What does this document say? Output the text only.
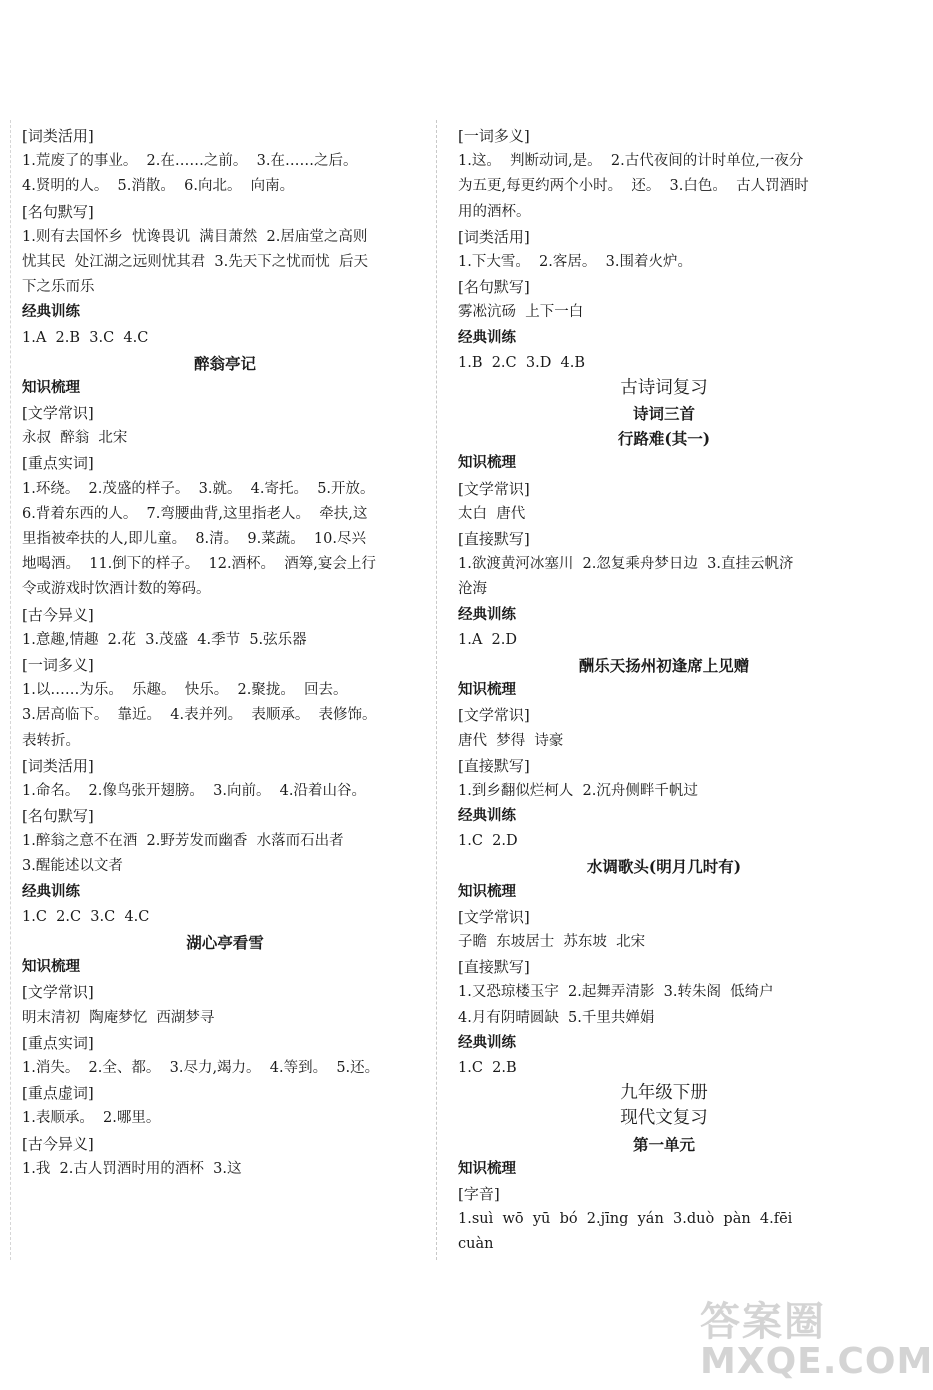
[词类活用]
1.荒废了的事业。  2.在……之前。  3.在……之后。
4.贤明的人。  5.消散。  6.向北。  向南。
[名句默写]
1.则有去国怀乡  忧谗畏讥  满目萧然  2.居庙堂之高则
忧其民  处江湖之远则忧其君  3.先天下之忧而忧  后天
下之乐而乐
经典训练
1.A  2.B  3.C  4.C
醉翁亭记
知识梳理
[文学常识]
永叔  醉翁  北宋
[重点实词]
1.环绕。  2.茂盛的样子。  3.就。  4.寄托。  5.开放。
6.背着东西的人。  7.弯腰曲背,这里指老人。  牵扶,这
里指被牵扶的人,即儿童。  8.清。  9.菜蔬。  10.尽兴
地喝酒。  11.倒下的样子。  12.酒杯。  酒筹,宴会上行
令或游戏时饮酒计数的筹码。
[古今异义]
1.意趣,情趣  2.花  3.茂盛  4.季节  5.弦乐器
[一词多义]
1.以……为乐。  乐趣。  快乐。  2.聚拢。  回去。
3.居高临下。  靠近。  4.表并列。  表顺承。  表修饰。
表转折。
[词类活用]
1.命名。  2.像鸟张开翅膀。  3.向前。  4.沿着山谷。
[名句默写]
1.醉翁之意不在酒  2.野芳发而幽香  水落而石出者
3.醒能述以文者
经典训练
1.C  2.C  3.C  4.C
湖心亭看雪
知识梳理
[文学常识]
明末清初  陶庵梦忆  西湖梦寻
[重点实词]
1.消失。  2.全、都。  3.尽力,竭力。  4.等到。  5.还。
[重点虚词]
1.表顺承。  2.哪里。
[古今异义]
1.我  2.古人罚酒时用的酒杯  3.这
[一词多义]
1.这。  判断动词,是。  2.古代夜间的计时单位,一夜分
为五更,每更约两个小时。  还。  3.白色。  古人罚酒时
用的酒杯。
[词类活用]
1.下大雪。  2.客居。  3.围着火炉。
[名句默写]
雾凇沆砀  上下一白
经典训练
1.B  2.C  3.D  4.B
古诗词复习
诗词三首
行路难(其一)
知识梳理
[文学常识]
太白  唐代
[直接默写]
1.欲渡黄河冰塞川  2.忽复乘舟梦日边  3.直挂云帆济
沧海
经典训练
1.A  2.D
酬乐天扬州初逢席上见赠
知识梳理
[文学常识]
唐代  梦得  诗豪
[直接默写]
1.到乡翻似烂柯人  2.沉舟侧畔千帆过
经典训练
1.C  2.D
水调歌头(明月几时有)
知识梳理
[文学常识]
子瞻  东坡居士  苏东坡  北宋
[直接默写]
1.又恐琼楼玉宇  2.起舞弄清影  3.转朱阁  低绮户
4.月有阴晴圆缺  5.千里共婵娟
经典训练
1.C  2.B
九年级下册
现代文复习
第一单元
知识梳理
[字音]
1.suì  wō  yū  bó  2.jīng  yán  3.duò  pàn  4.fēi
cuàn
答案圈
MXQE.COM
